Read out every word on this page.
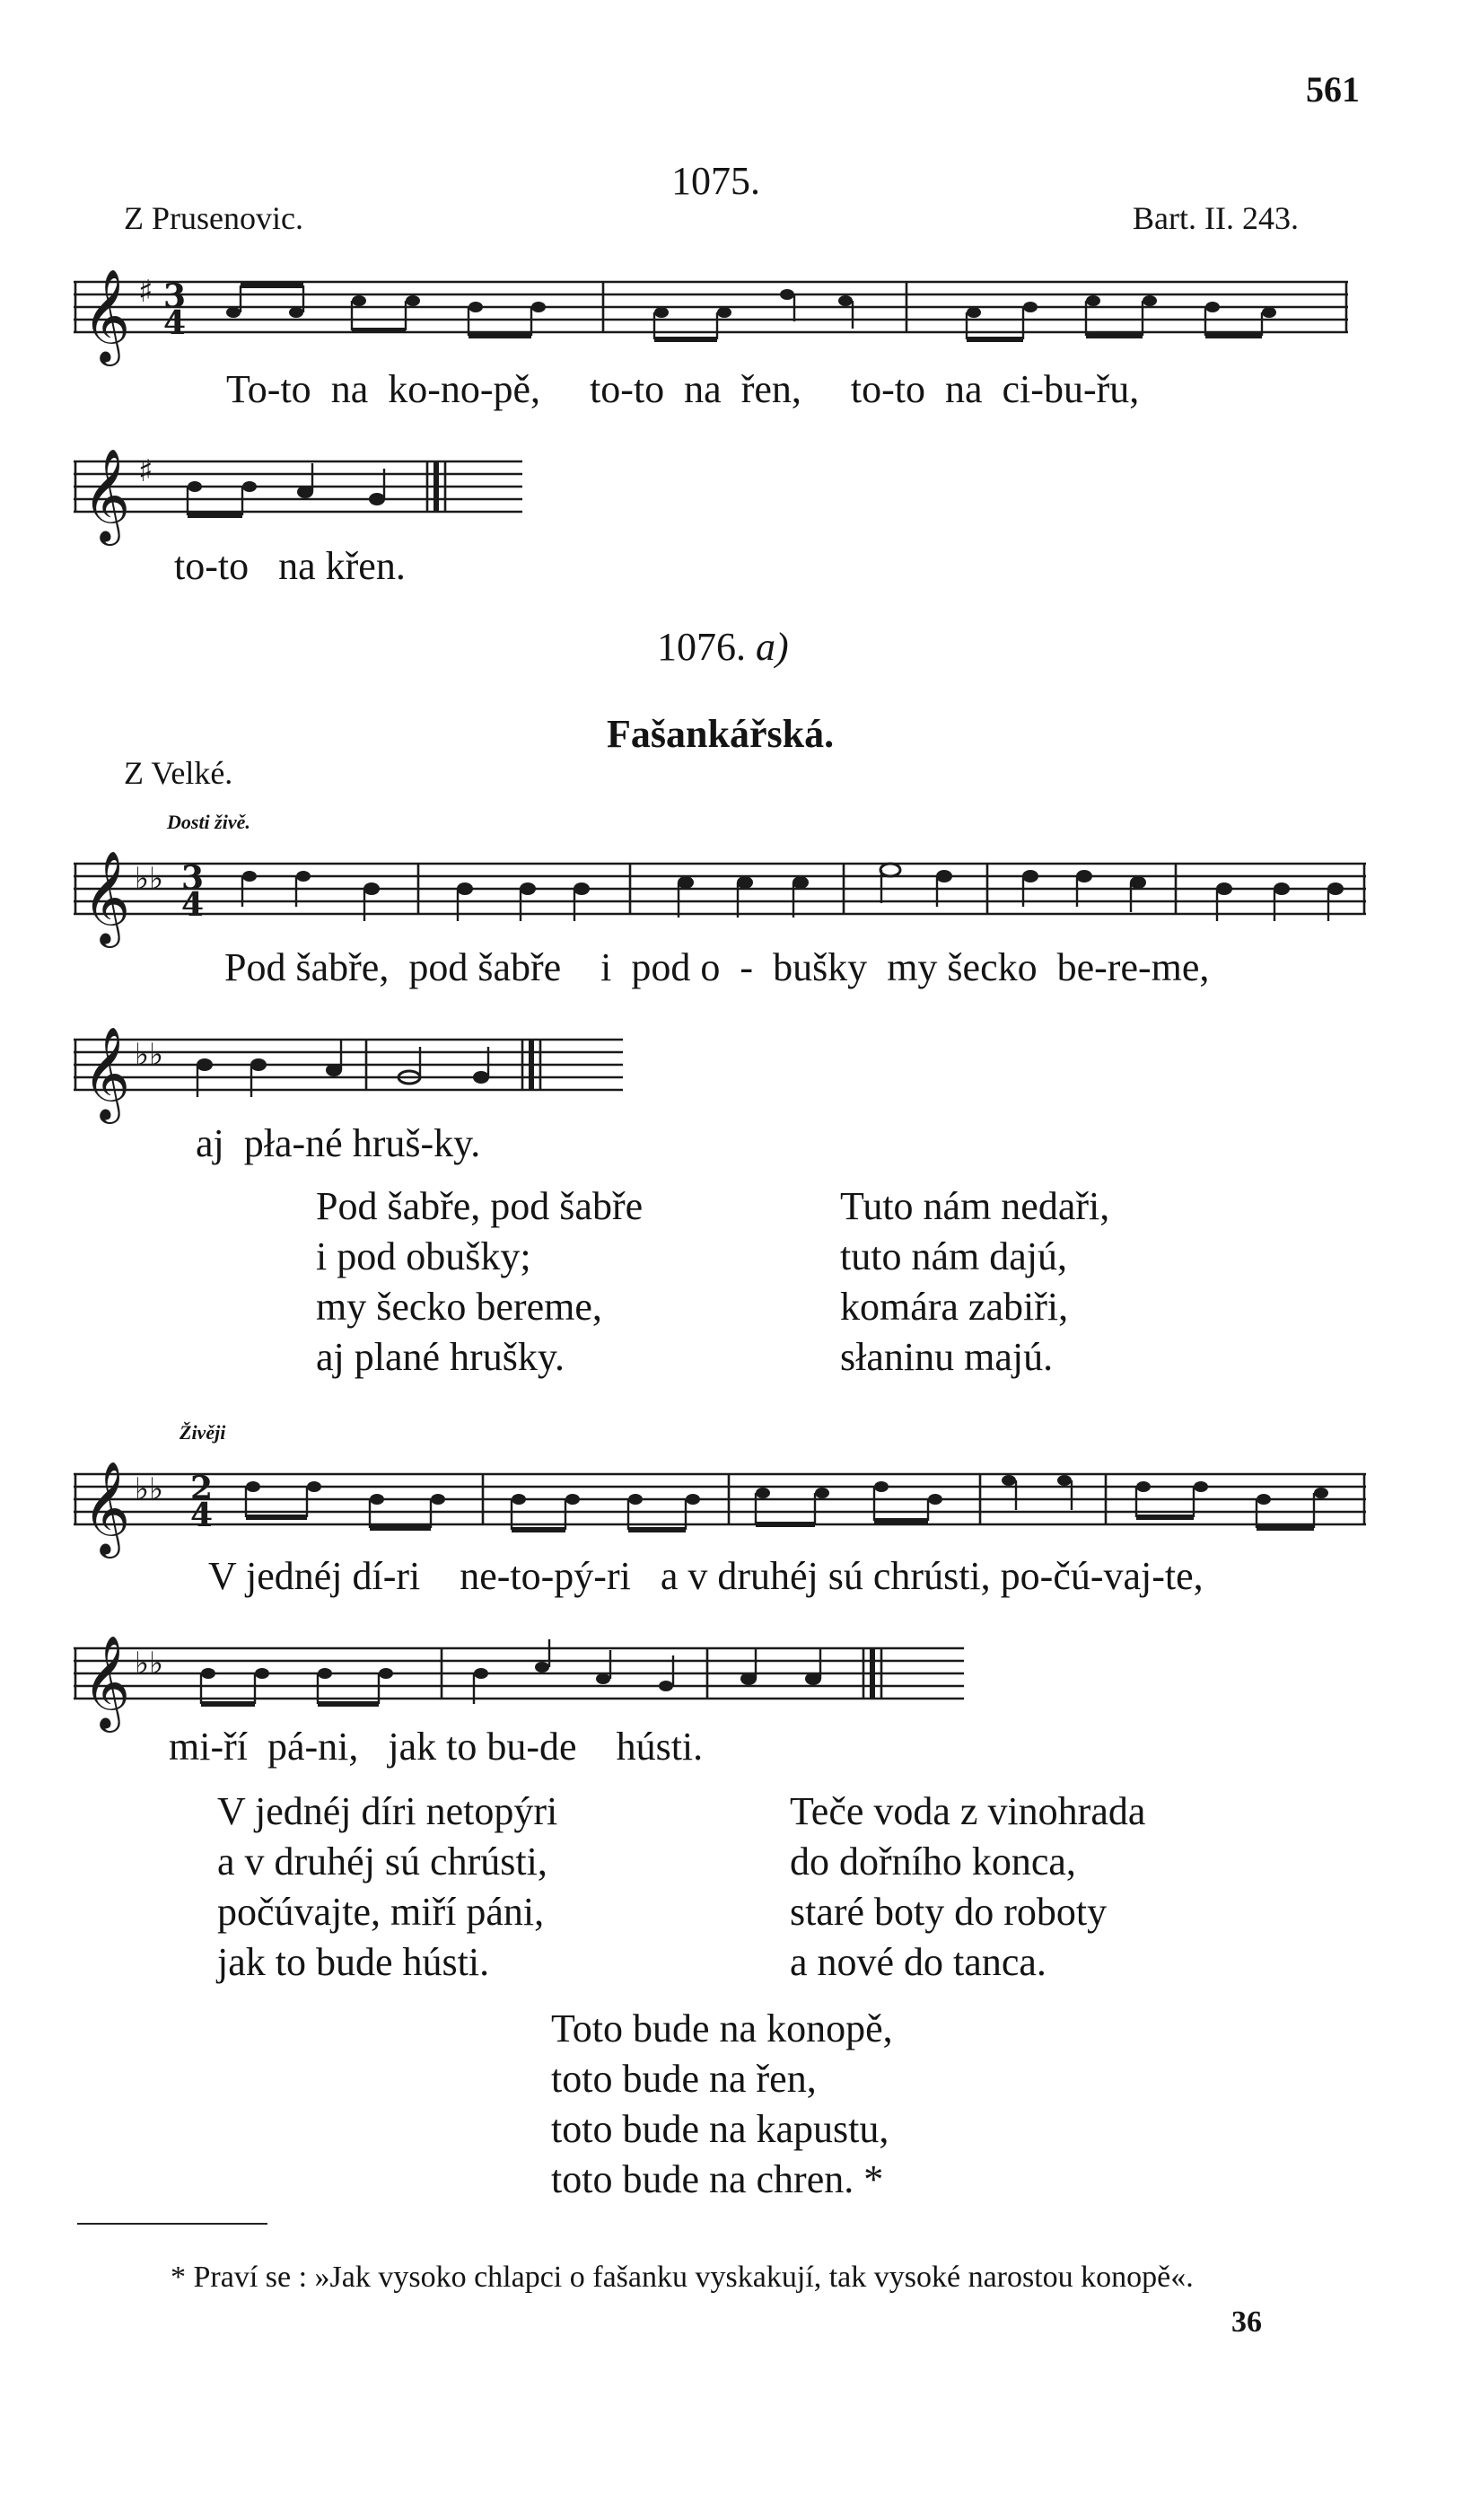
561
1075.
Z Prusenovic.	Bart. II. 243.
𝄞 ♯ 3
4
To-to na ko-no-pě, to-to na řen, to-to na ci-bu-řu,
𝄞 ♯
to-to na křen.
1076. a)
Fašankářská.
Z Velké.
Dosti živě.
𝄞 ♭♭ 3
4
Pod šabře, pod šabře i pod o - bušky my šecko be-re-me,
𝄞 ♭♭
aj pła-né hruš-ky.
Pod šabře, pod šabře
i pod obušky;
my šecko bereme,
aj plané hrušky.
Tuto nám nedaři,
tuto nám dajú,
komára zabiři,
słaninu majú.
Živěji
𝄞 ♭♭ 2
4
V jednéj dí-ri ne-to-pý-ri a v druhéj sú chrústi, po-čú-vaj-te,
𝄞 ♭♭
mi-ří pá-ni, jak to bu-de hústi.
V jednéj díri netopýri
a v druhéj sú chrústi,
počúvajte, miří páni,
jak to bude hústi.
Teče voda z vinohrada
do dořního konca,
staré boty do roboty
a nové do tanca.
Toto bude na konopě,
toto bude na řen,
toto bude na kapustu,
toto bude na chren. *
* Praví se : »Jak vysoko chlapci o fašanku vyskakují, tak vysoké narostou konopě«.
36
